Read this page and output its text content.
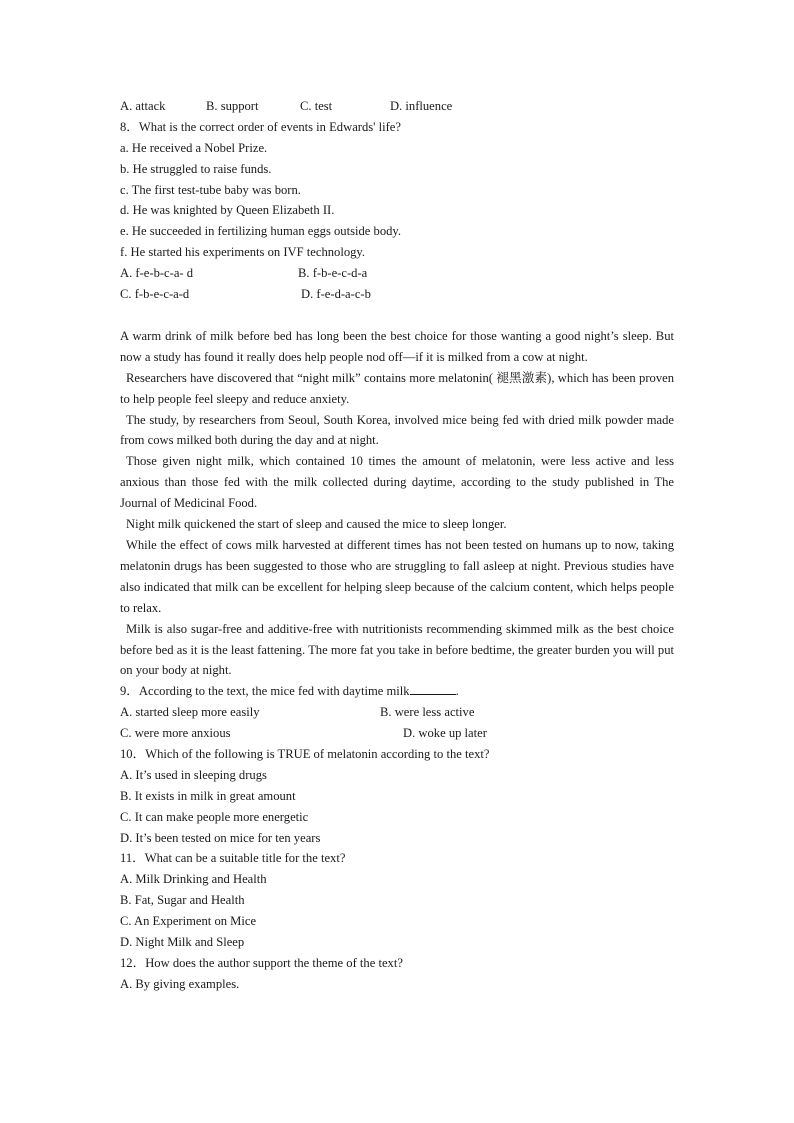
A. attack	B. support	C. test	D. influence
8．What is the correct order of events in Edwards' life?
a. He received a Nobel Prize.
b. He struggled to raise funds.
c. The first test-tube baby was born.
d. He was knighted by Queen Elizabeth II.
e. He succeeded in fertilizing human eggs outside body.
f. He started his experiments on IVF technology.
A. f-e-b-c-a- d	B. f-b-e-c-d-a
C. f-b-e-c-a-d	D. f-e-d-a-c-b
A warm drink of milk before bed has long been the best choice for those wanting a good night’s sleep. But now a study has found it really does help people nod off—if it is milked from a cow at night.
Researchers have discovered that “night milk” contains more melatonin( 褪黑激素), which has been proven to help people feel sleepy and reduce anxiety.
The study, by researchers from Seoul, South Korea, involved mice being fed with dried milk powder made from cows milked both during the day and at night.
Those given night milk, which contained 10 times the amount of melatonin, were less active and less anxious than those fed with the milk collected during daytime, according to the study published in The Journal of Medicinal Food.
Night milk quickened the start of sleep and caused the mice to sleep longer.
While the effect of cows milk harvested at different times has not been tested on humans up to now, taking melatonin drugs has been suggested to those who are struggling to fall asleep at night. Previous studies have also indicated that milk can be excellent for helping sleep because of the calcium content, which helps people to relax.
Milk is also sugar-free and additive-free with nutritionists recommending skimmed milk as the best choice before bed as it is the least fattening. The more fat you take in before bedtime, the greater burden you will put on your body at night.
9．According to the text, the mice fed with daytime milk	.
A. started sleep more easily	B. were less active
C. were more anxious	D. woke up later
10．Which of the following is TRUE of melatonin according to the text?
A. It’s used in sleeping drugs
B. It exists in milk in great amount
C. It can make people more energetic
D. It’s been tested on mice for ten years
11．What can be a suitable title for the text?
A. Milk Drinking and Health
B. Fat, Sugar and Health
C. An Experiment on Mice
D. Night Milk and Sleep
12．How does the author support the theme of the text?
A. By giving examples.
